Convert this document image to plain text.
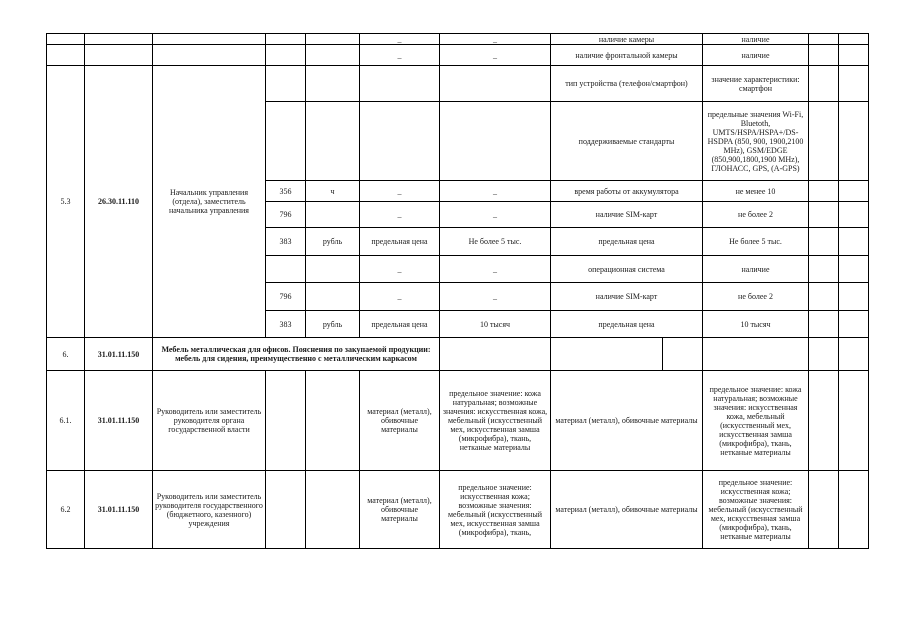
					_	_	наличие камеры		наличие		
					_	_	наличие фронтальной камеры		наличие		
5.3	26.30.11.110	Начальник управления (отдела), заместитель начальника управления					тип устройства (телефон/смартфон)		значение характеристики: смартфон		
							поддерживаемые стандарты		предельные значения Wi-Fi, Bluetoth, UMTS/HSPA/HSPA+/DS-HSDPA (850, 900, 1900,2100 MHz), GSM/EDGE (850,900,1800,1900 MHz), ГЛОНАСС, GPS, (A-GPS)		
			356	ч	_	_	время работы от аккумулятора		не менее 10		
			796		_	_	наличие SIM-карт		не более 2		
			383	рубль	предельная цена	Не более 5 тыс.	предельная цена		Не более 5 тыс.		
					_	_	операционная система		наличие		
			796		_	_	наличие SIM-карт		не более 2		
			383	рубль	предельная цена	10 тысяч	предельная цена		10 тысяч		
6.	31.01.11.150	Мебель металлическая для офисов. Пояснения по закупаемой продукции: мебель для сидения, преимущественно с металлическим каркасом									
6.1.	31.01.11.150	Руководитель или заместитель руководителя органа государственной власти			материал (металл), обивочные материалы	предельное значение: кожа натуральная; возможные значения: искусственная кожа, мебельный (искусственный мех, искусственная замша (микрофибра), ткань, нетканые материалы	материал (металл), обивочные материалы		предельное значение: кожа натуральная; возможные значения: искусственная кожа, мебельный (искусственный мех, искусственная замша (микрофибра), ткань, нетканые материалы		
6.2	31.01.11.150	Руководитель или заместитель руководителя государственного (бюджетного, казенного) учреждения			материал (металл), обивочные материалы	предельное значение: искусственная кожа; возможные значения: мебельный (искусственный мех, искусственная замша (микрофибра), ткань,	материал (металл), обивочные материалы		предельное значение: искусственная кожа; возможные значения: мебельный (искусственный мех, искусственная замша (микрофибра), ткань, нетканые материалы		
